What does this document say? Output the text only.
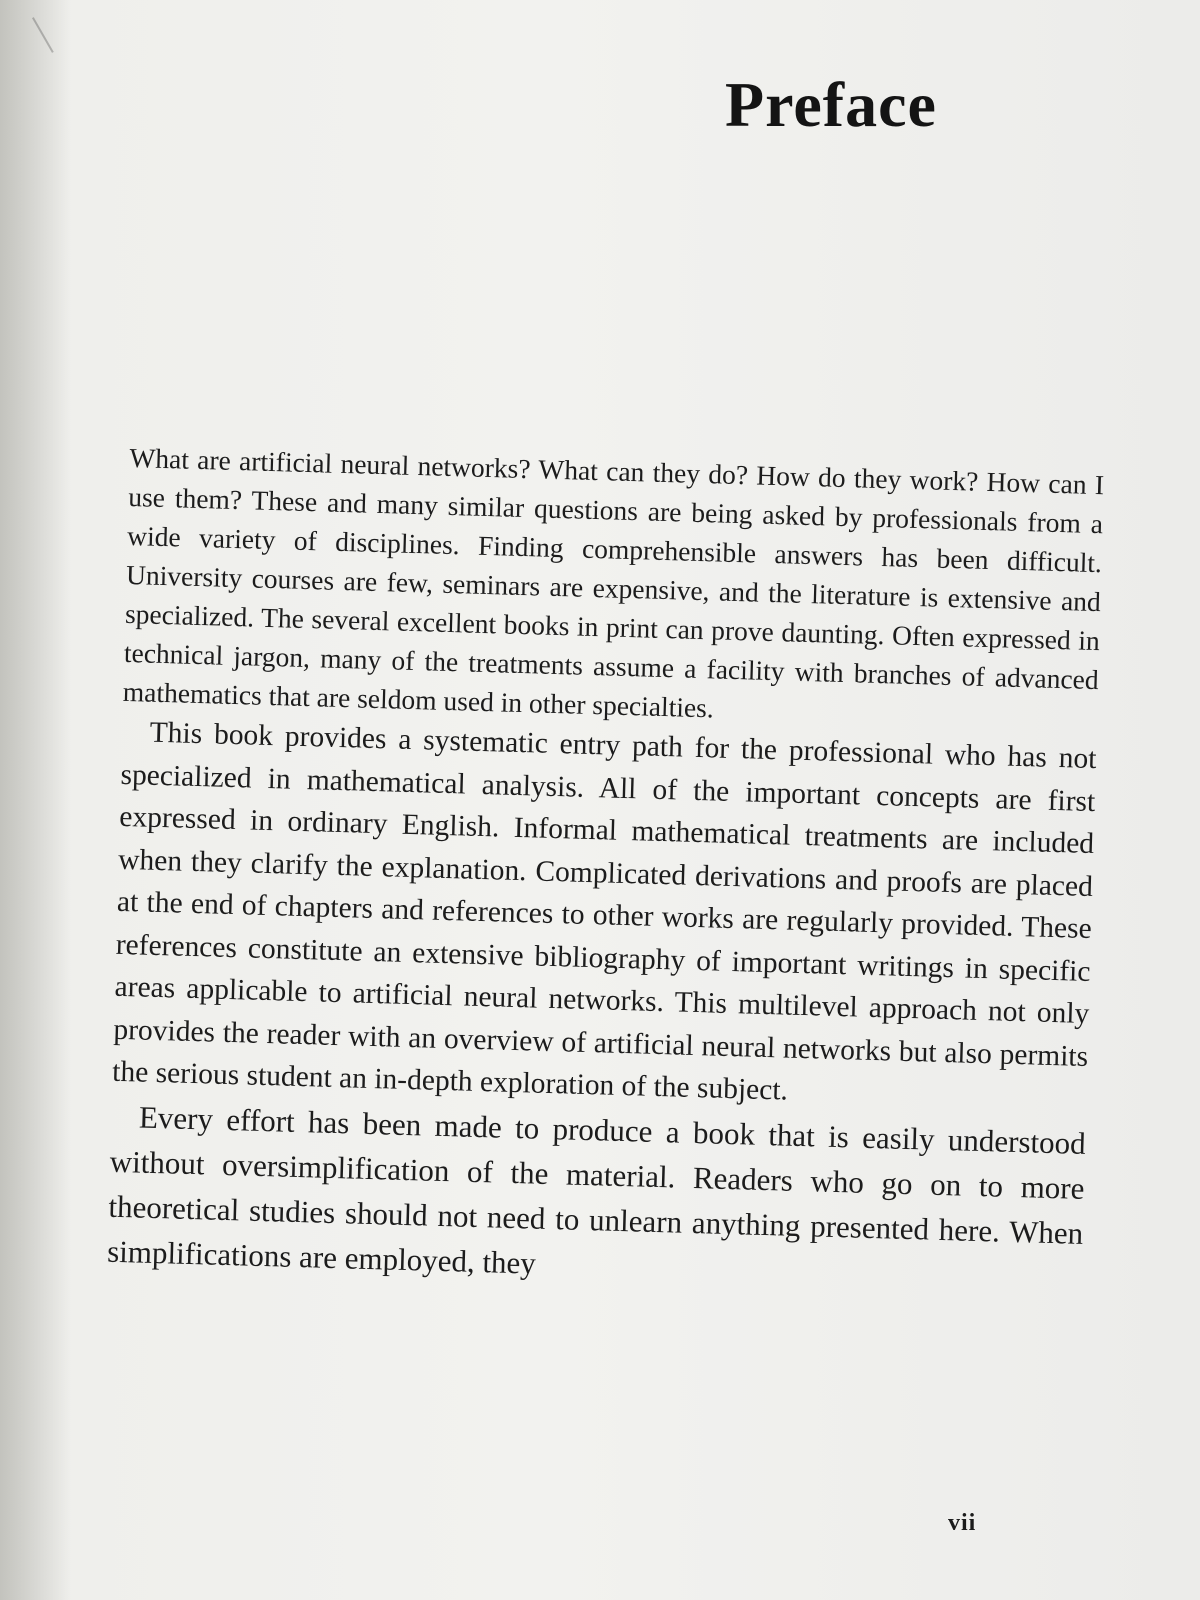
Preface

What are artificial neural networks? What can they do? How do they work? How can I use them? These and many similar questions are being asked by professionals from a wide variety of disciplines. Finding comprehensible answers has been difficult. University courses are few, seminars are expensive, and the literature is extensive and specialized. The several excellent books in print can prove daunting. Often expressed in technical jargon, many of the treatments assume a facility with branches of advanced mathematics that are seldom used in other specialties.

This book provides a systematic entry path for the professional who has not specialized in mathematical analysis. All of the important concepts are first expressed in ordinary English. Informal mathematical treatments are included when they clarify the explanation. Complicated derivations and proofs are placed at the end of chapters and references to other works are regularly provided. These references constitute an extensive bibliography of important writings in specific areas applicable to artificial neural networks. This multilevel approach not only provides the reader with an overview of artificial neural networks but also permits the serious student an in-depth exploration of the subject.

Every effort has been made to produce a book that is easily understood without oversimplification of the material. Readers who go on to more theoretical studies should not need to unlearn anything presented here. When simplifications are employed, they

vii
